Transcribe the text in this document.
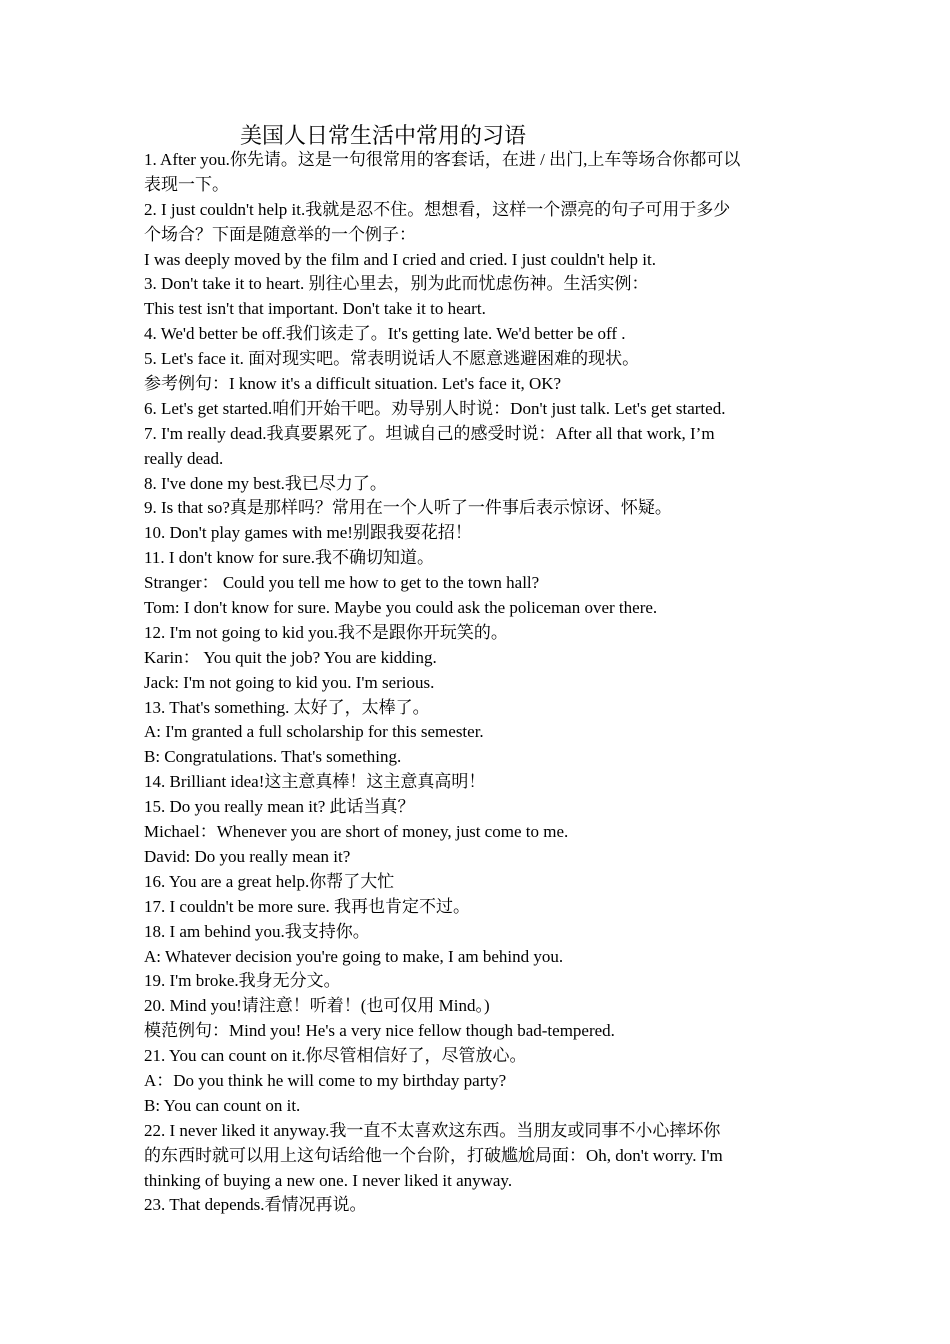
美国人日常生活中常用的习语
1. After you.你先请。这是一句很常用的客套话，在进 / 出门,上车等场合你都可以
表现一下。
2. I just couldn't help it.我就是忍不住。想想看，这样一个漂亮的句子可用于多少
个场合？下面是随意举的一个例子：
I was deeply moved by the film and I cried and cried. I just couldn't help it.
3. Don't take it to heart. 别往心里去，别为此而忧虑伤神。生活实例：
This test isn't that important. Don't take it to heart.
4. We'd better be off.我们该走了。It's getting late. We'd better be off .
5. Let's face it. 面对现实吧。常表明说话人不愿意逃避困难的现状。
参考例句：I know it's a difficult situation. Let's face it, OK?
6. Let's get started.咱们开始干吧。劝导别人时说：Don't just talk. Let's get started.
7. I'm really dead.我真要累死了。坦诚自己的感受时说：After all that work, I’m
really dead.
8. I've done my best.我已尽力了。
9. Is that so?真是那样吗？常用在一个人听了一件事后表示惊讶、怀疑。
10. Don't play games with me!别跟我耍花招！
11. I don't know for sure.我不确切知道。
Stranger： Could you tell me how to get to the town hall?
Tom: I don't know for sure. Maybe you could ask the policeman over there.
12. I'm not going to kid you.我不是跟你开玩笑的。
Karin： You quit the job? You are kidding.
Jack: I'm not going to kid you. I'm serious.
13. That's something. 太好了，太棒了。
A: I'm granted a full scholarship for this semester.
B: Congratulations. That's something.
14. Brilliant idea!这主意真棒！这主意真高明！
15. Do you really mean it? 此话当真？
Michael：Whenever you are short of money, just come to me.
David: Do you really mean it?
16. You are a great help.你帮了大忙
17. I couldn't be more sure. 我再也肯定不过。
18. I am behind you.我支持你。
A: Whatever decision you're going to make, I am behind you.
19. I'm broke.我身无分文。
20. Mind you!请注意！听着！(也可仅用 Mind。)
模范例句：Mind you! He's a very nice fellow though bad-tempered.
21. You can count on it.你尽管相信好了，尽管放心。
A：Do you think he will come to my birthday party?
B: You can count on it.
22. I never liked it anyway.我一直不太喜欢这东西。当朋友或同事不小心摔坏你
的东西时就可以用上这句话给他一个台阶，打破尴尬局面：Oh, don't worry. I'm
thinking of buying a new one. I never liked it anyway.
23. That depends.看情况再说。
